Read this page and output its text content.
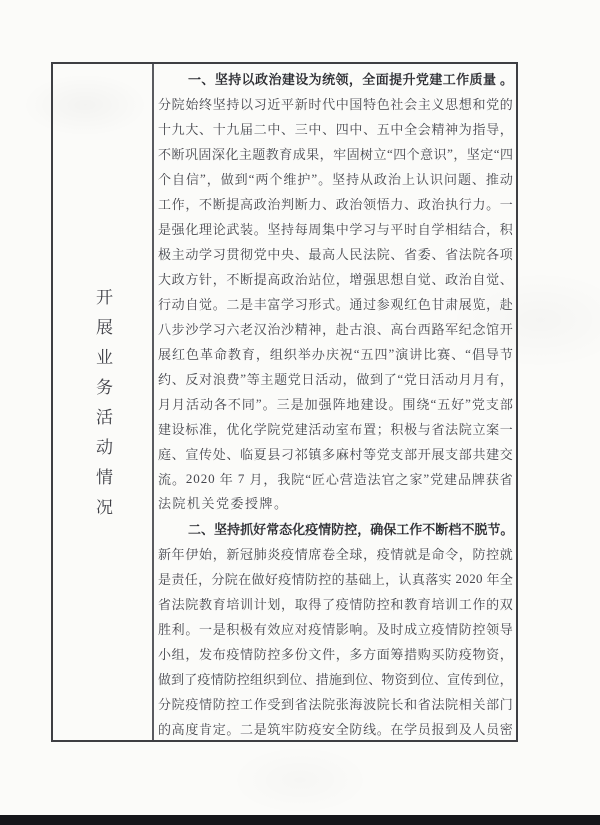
开展业务活动情况
一 、 坚 持 以 政 治 建 设 为 统 领 ， 全 面 提 升 党 建 工 作 质 量
。
分 院 始 终 坚 持 以 习 近 平 新 时 代 中 国 特 色 社 会 主 义 思 想 和 党 的
十 九 大 、 十 九 届 二 中 、 三 中 、 四 中 、 五 中 全 会 精 神 为 指 导 ，
不 断 巩 固 深 化 主 题 教 育 成 果 ， 牢 固 树 立 “ 四 个 意 识 ” ， 坚 定 “ 四
个 自 信 ” ， 做 到 “ 两 个 维 护 ” 。 坚 持 从 政 治 上 认 识 问 题 、 推 动
工 作 ， 不 断 提 高 政 治 判 断 力 、 政 治 领 悟 力 、 政 治 执 行 力 。 一
是 强 化 理 论 武 装 。 坚 持 每 周 集 中 学 习 与 平 时 自 学 相 结 合 ， 积
极 主 动 学 习 贯 彻 党 中 央 、 最 高 人 民 法 院 、 省 委 、 省 法 院 各 项
大 政 方 针 ， 不 断 提 高 政 治 站 位 ， 增 强 思 想 自 觉 、 政 治 自 觉 、
行 动 自 觉 。 二 是 丰 富 学 习 形 式 。 通 过 参 观 红 色 甘 肃 展 览 ， 赴
八 步 沙 学 习 六 老 汉 治 沙 精 神 ， 赴 古 浪 、 高 台 西 路 军 纪 念 馆 开
展 红 色 革 命 教 育 ， 组 织 举 办 庆 祝 “ 五 四 ” 演 讲 比 赛 、 “ 倡 导 节
约 、 反 对 浪 费 ” 等 主 题 党 日 活 动 ， 做 到 了 “ 党 日 活 动 月 月 有 ，
月 月 活 动 各 不 同 ” 。 三 是 加 强 阵 地 建 设 。 围 绕 “ 五 好 ” 党 支 部
建 设 标 准 ， 优 化 学 院 党 建 活 动 室 布 置 ； 积 极 与 省 法 院 立 案 一
庭 、 宣 传 处 、 临 夏 县 刁 祁 镇 多 麻 村 等 党 支 部 开 展 支 部 共 建 交
流 。 2 0 2 0
年
7
月 ， 我 院 “ 匠 心 营 造 法 官 之 家 ” 党 建 品 牌 获 省
法院机关党委授牌。
二 、 坚 持 抓 好 常 态 化 疫 情 防 控 ， 确 保 工 作 不 断 档 不 脱 节 。
新 年 伊 始 ， 新 冠 肺 炎 疫 情 席 卷 全 球 ， 疫 情 就 是 命 令 ， 防 控 就
是 责 任 ， 分 院 在 做 好 疫 情 防 控 的 基 础 上 ， 认 真 落 实
2 0 2 0
年 全
省 法 院 教 育 培 训 计 划 ， 取 得 了 疫 情 防 控 和 教 育 培 训 工 作 的 双
胜 利 。 一 是 积 极 有 效 应 对 疫 情 影 响 。 及 时 成 立 疫 情 防 控 领 导
小 组 ， 发 布 疫 情 防 控 多 份 文 件 ， 多 方 面 筹 措 购 买 防 疫 物 资 ，
做 到 了 疫 情 防 控 组 织 到 位 、 措 施 到 位 、 物 资 到 位 、 宣 传 到 位 ，
分 院 疫 情 防 控 工 作 受 到 省 法 院 张 海 波 院 长 和 省 法 院 相 关 部 门
的 高 度 肯 定 。 二 是 筑 牢 防 疫 安 全 防 线 。 在 学 员 报 到 及 人 员 密
